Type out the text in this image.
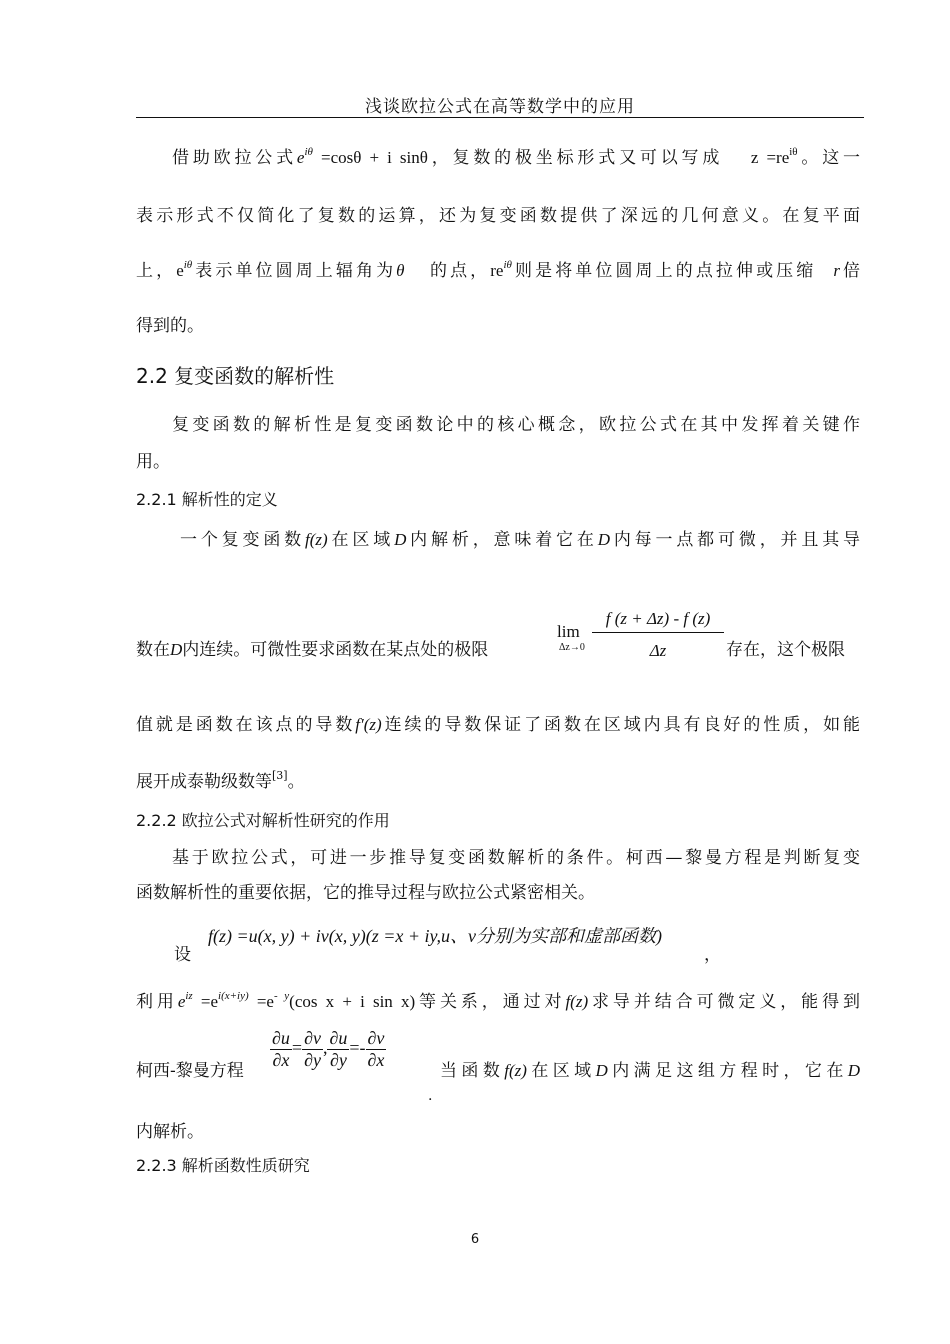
浅谈欧拉公式在高等数学中的应用
借助欧拉公式$e^{i\theta} =\cos\theta + i$ sinθ，复数的极坐标形式又可以写成 $z =re^{i\theta}$。这一
表示形式不仅简化了复数的运算，还为复变函数提供了深远的几何意义。在复平面
上，$e^{i\theta}$表示单位圆周上辐角为θ 的点，$re^{i\theta}$则是将单位圆周上的点拉伸或压缩 r倍
得到的。
2.2 复变函数的解析性
复变函数的解析性是复变函数论中的核心概念，欧拉公式在其中发挥着关键作
用。
2.2.1 解析性的定义
一个复变函数f(z)在区域D内解析，意味着它在D内每一点都可微，并且其导
数在D内连续。可微性要求函数在某点处的极限
lim
$\Delta z\to 0 \frac{f (z + \Delta z) - f (z)}{\Delta z}$ 存在，这个极限
值就是函数在该点的导数f′(z)连续的导数保证了函数在区域内具有良好的性质，如能
展开成泰勒级数等[3]。
2.2.2 欧拉公式对解析性研究的作用
基于欧拉公式，可进一步推导复变函数解析的条件。柯西—黎曼方程是判断复变
函数解析性的重要依据，它的推导过程与欧拉公式紧密相关。
设
f(z) =u(x, y) + iv(x, y)(z =x + iy,u、v分别为实部和虚部函数)
，
利用$e^{iz} =e^{i(x+iy)} =e^{- y}(\cos$ x + i sin x)等关系，通过对f(z)求导并结合可微定义，能得到
柯西-黎曼方程	$\frac{\partial u}{\partial x} = \frac{\partial v}{\partial y}$ , $\frac{\partial u}{\partial y} =- \frac{\partial v}{\partial x}$	当函数f(z)在区域D内满足这组方程时，它在D
.
内解析。
2.2.3 解析函数性质研究
6
